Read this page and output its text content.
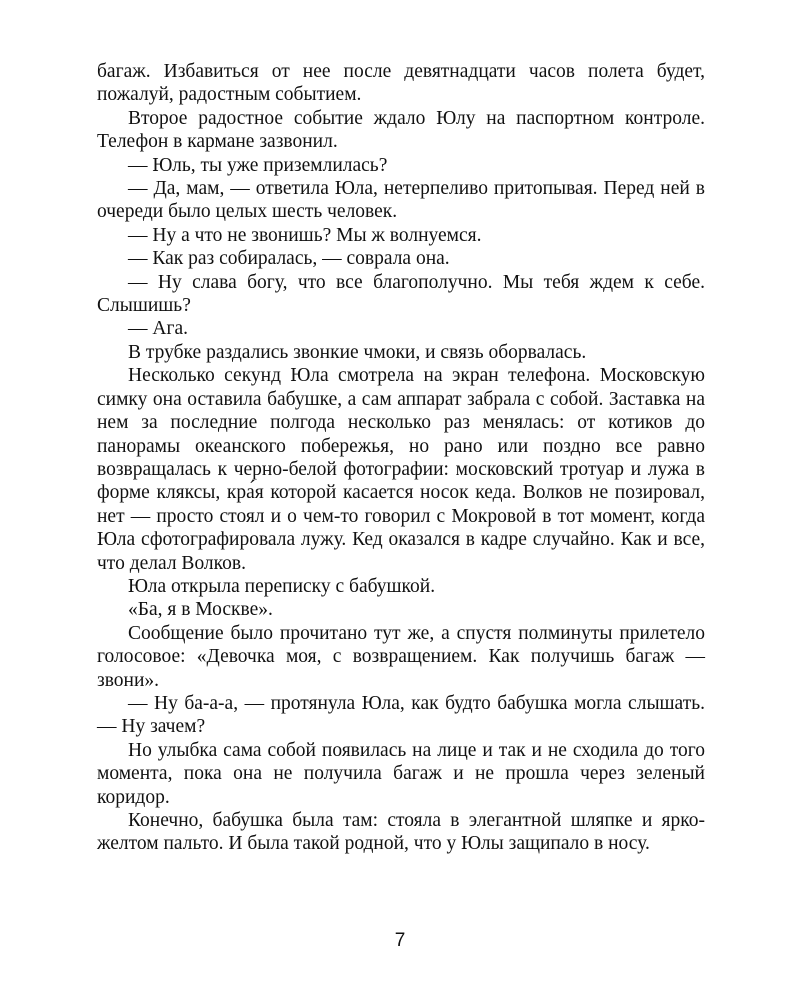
багаж. Избавиться от нее после девятнадцати часов полета будет, пожалуй, радостным событием.

Второе радостное событие ждало Юлу на паспортном контроле. Телефон в кармане зазвонил.

— Юль, ты уже приземлилась?

— Да, мам, — ответила Юла, нетерпеливо притопывая. Перед ней в очереди было целых шесть человек.

— Ну а что не звонишь? Мы ж волнуемся.

— Как раз собиралась, — соврала она.

— Ну слава богу, что все благополучно. Мы тебя ждем к себе. Слышишь?

— Ага.

В трубке раздались звонкие чмоки, и связь оборвалась.

Несколько секунд Юла смотрела на экран телефона. Московскую симку она оставила бабушке, а сам аппарат забрала с собой. Заставка на нем за последние полгода несколько раз менялась: от котиков до панорамы океанского побережья, но рано или поздно все равно возвращалась к черно-белой фотографии: московский тротуар и лужа в форме кляксы, кра́я которой касается носок кеда. Волков не позировал, нет — просто стоял и о чем-то говорил с Мокровой в тот момент, когда Юла сфотографировала лужу. Кед оказался в кадре случайно. Как и все, что делал Волков.

Юла открыла переписку с бабушкой.

«Ба, я в Москве».

Сообщение было прочитано тут же, а спустя полминуты прилетело голосовое: «Девочка моя, с возвращением. Как получишь багаж — звони».

— Ну ба-а-а, — протянула Юла, как будто бабушка могла слышать. — Ну зачем?

Но улыбка сама собой появилась на лице и так и не сходила до того момента, пока она не получила багаж и не прошла через зеленый коридор.

Конечно, бабушка была там: стояла в элегантной шляпке и ярко-желтом пальто. И была такой родной, что у Юлы защипало в носу.

7
